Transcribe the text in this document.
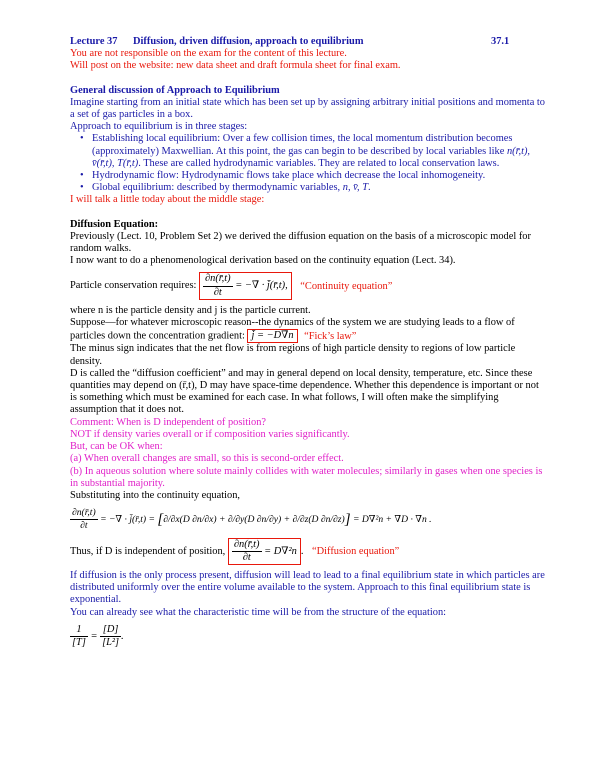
Lecture 37      Diffusion, driven diffusion, approach to equilibrium	37.1
You are not responsible on the exam for the content of this lecture.
Will post on the website: new data sheet and draft formula sheet for final exam.
General discussion of Approach to Equilibrium
Imagine starting from an initial state which has been set up by assigning arbitrary initial positions and momenta to a set of gas particles in a box.
Approach to equilibrium is in three stages:
• Establishing local equilibrium: Over a few collision times, the local momentum distribution becomes (approximately) Maxwellian. At this point, the gas can begin to be described by local variables like n(r̄,t), v̄(r̄,t), T(r̄,t). These are called hydrodynamic variables. They are related to local conservation laws.
• Hydrodynamic flow: Hydrodynamic flows take place which decrease the local inhomogeneity.
• Global equilibrium: described by thermodynamic variables, n, v̄, T.
I will talk a little today about the middle stage:
Diffusion Equation:
Previously (Lect. 10, Problem Set 2) we derived the diffusion equation on the basis of a microscopic model for random walks.
I now want to do a phenomenological derivation based on the continuity equation (Lect. 34).
Particle conservation requires: $\frac{\partial n(r̄,t)}{\partial t}$ = −∇̄ · j̄(r̄,t), “Continuity equation”
where n is the particle density and j is the particle current.
Suppose—for whatever microscopic reason--the dynamics of the system we are studying leads to a flow of particles down the concentration gradient: j̄ = −D∇̄n “Fick’s law”
The minus sign indicates that the net flow is from regions of high particle density to regions of low particle density.
D is called the “diffusion coefficient” and may in general depend on local density, temperature, etc. Since these quantities may depend on (r̄,t), D may have space-time dependence. Whether this dependence is important or not is something which must be examined for each case. In what follows, I will often make the simplifying assumption that it does not.
Comment: When is D independent of position?
NOT if density varies overall or if composition varies significantly.
But, can be OK when:
(a) When overall changes are small, so this is second-order effect.
(b) In aqueous solution where solute mainly collides with water molecules; similarly in gases when one species is in substantial majority.
Substituting into the continuity equation,
$\frac{\partial n(r̄,t)}{\partial t}$ = −∇̄ · j̄(r̄,t) = [∂/∂x(D ∂n/∂x) + ∂/∂y(D ∂n/∂y) + ∂/∂z(D ∂n/∂z)] = D∇²n + ∇̄D · ∇̄n .
Thus, if D is independent of position, $\frac{\partial n(r̄,t)}{\partial t} = D\nabla^2n$ . “Diffusion equation”
If diffusion is the only process present, diffusion will lead to lead to a final equilibrium state in which particles are distributed uniformly over the entire volume available to the system. Approach to this final equilibrium state is exponential.
You can already see what the characteristic time will be from the structure of the equation:
$\frac{1}{[T]} = \frac{[D]}{\text{[L²]}}$ .
